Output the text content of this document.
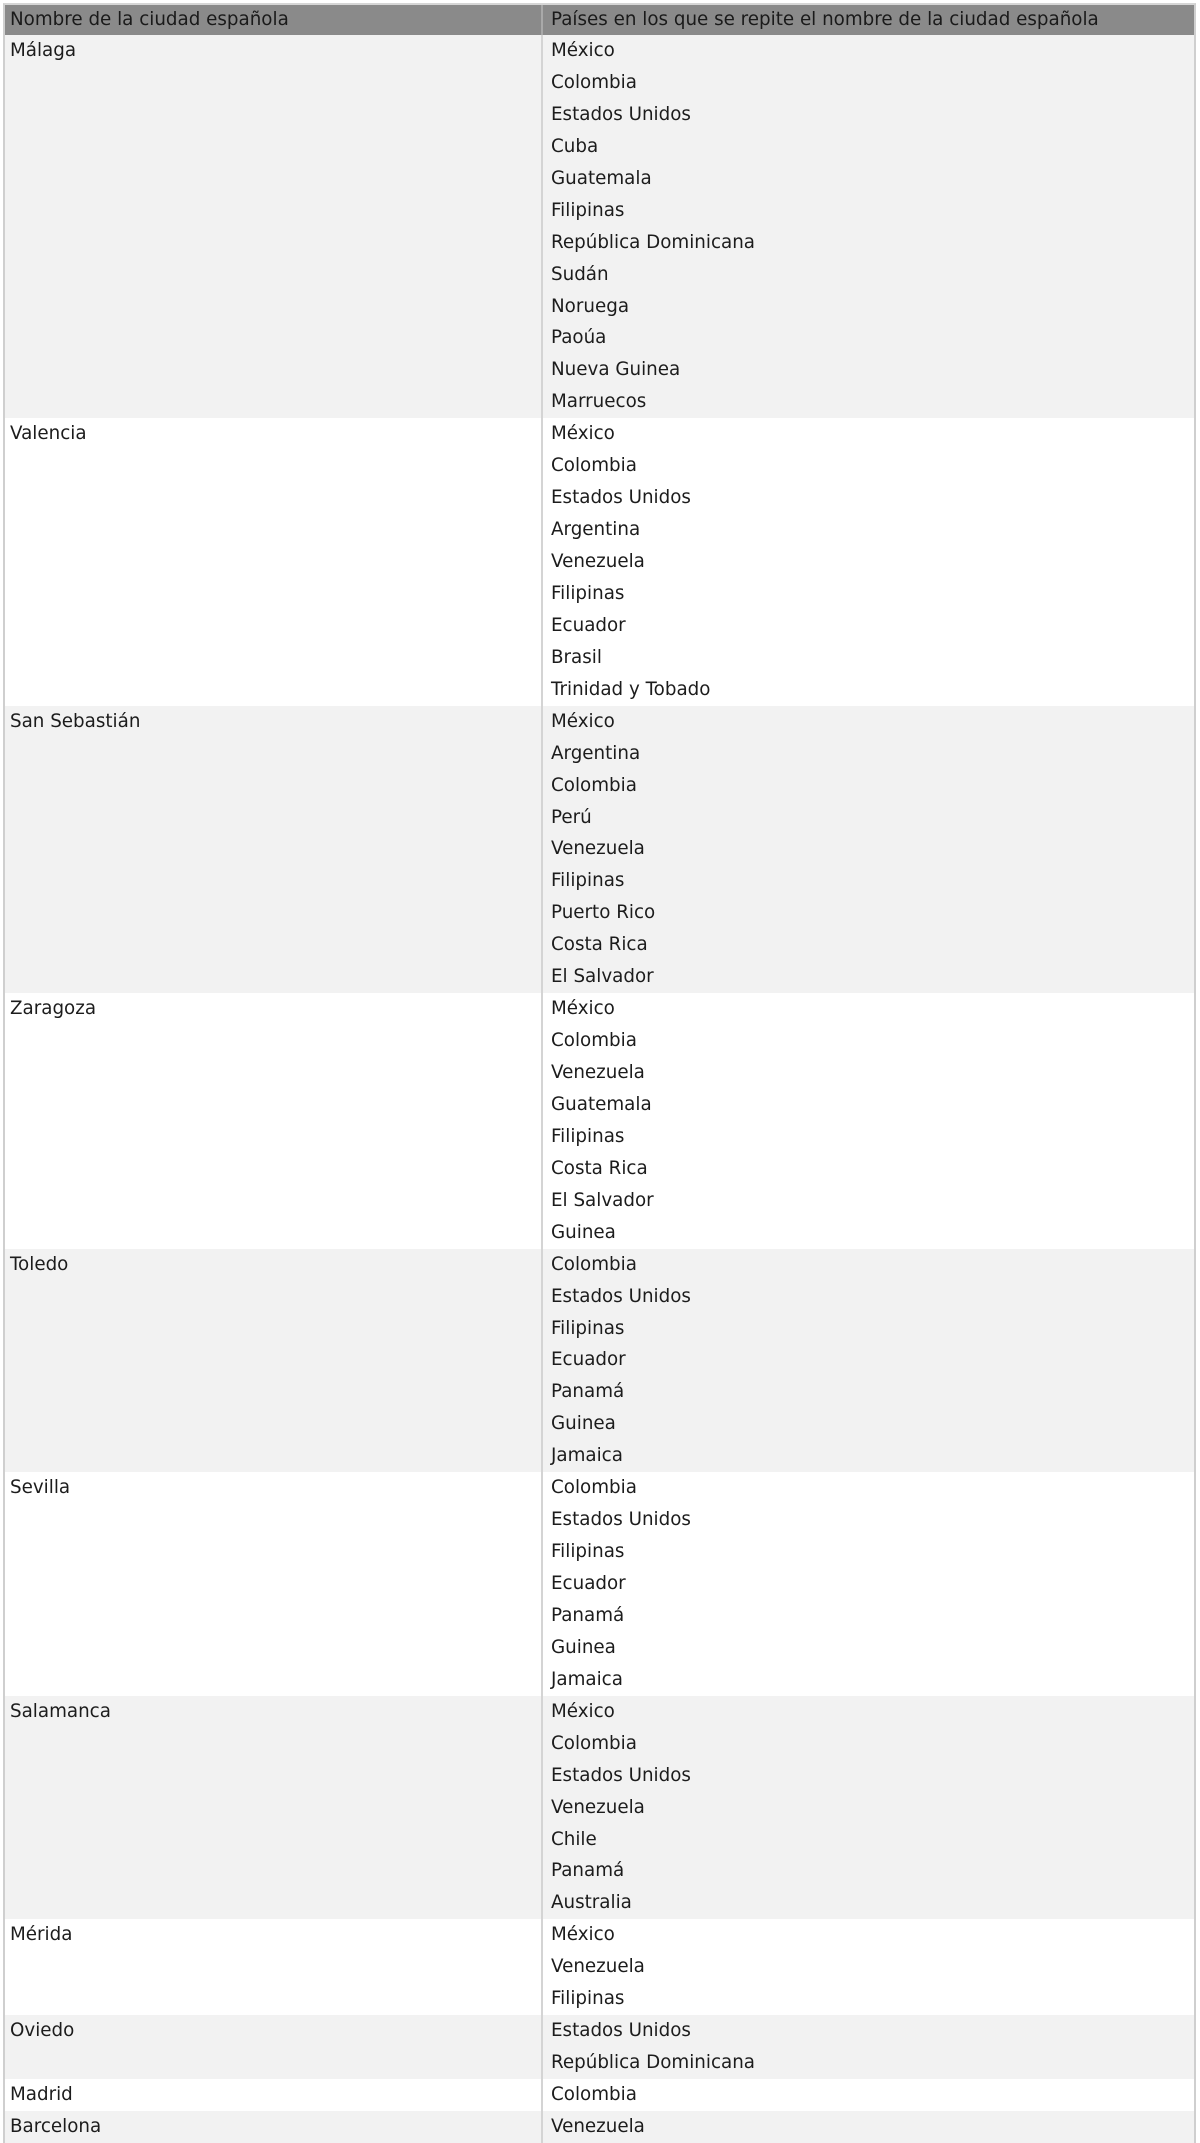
Nombre de la ciudad española	Países en los que se repite el nombre de la ciudad española
Málaga	México
Colombia
Estados Unidos
Cuba
Guatemala
Filipinas
República Dominicana
Sudán
Noruega
Paoúa
Nueva Guinea
Marruecos
Valencia	México
Colombia
Estados Unidos
Argentina
Venezuela
Filipinas
Ecuador
Brasil
Trinidad y Tobado
San Sebastián	México
Argentina
Colombia
Perú
Venezuela
Filipinas
Puerto Rico
Costa Rica
El Salvador
Zaragoza	México
Colombia
Venezuela
Guatemala
Filipinas
Costa Rica
El Salvador
Guinea
Toledo	Colombia
Estados Unidos
Filipinas
Ecuador
Panamá
Guinea
Jamaica
Sevilla	Colombia
Estados Unidos
Filipinas
Ecuador
Panamá
Guinea
Jamaica
Salamanca	México
Colombia
Estados Unidos
Venezuela
Chile
Panamá
Australia
Mérida	México
Venezuela
Filipinas
Oviedo	Estados Unidos
República Dominicana
Madrid	Colombia
Barcelona	Venezuela
